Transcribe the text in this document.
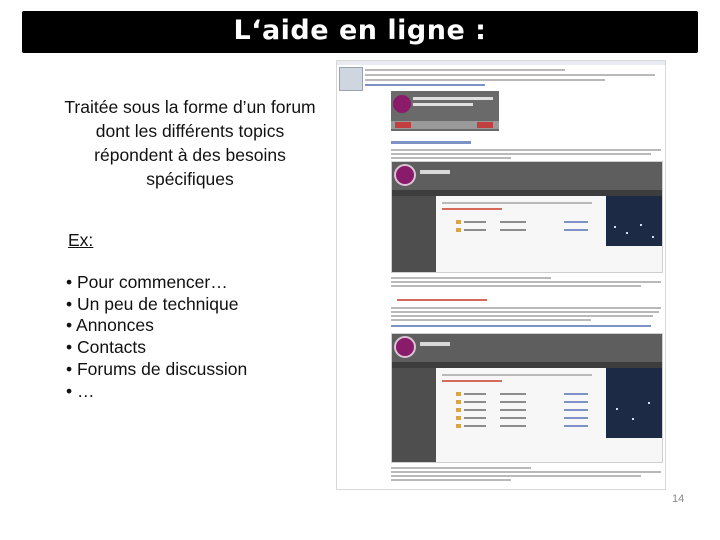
L‘aide en ligne :
Traitée sous la forme d’un forum dont les différents topics répondent à des besoins spécifiques
Ex:
• Pour commencer…
• Un peu de technique
• Annonces
• Contacts
• Forums de discussion
• …
14
